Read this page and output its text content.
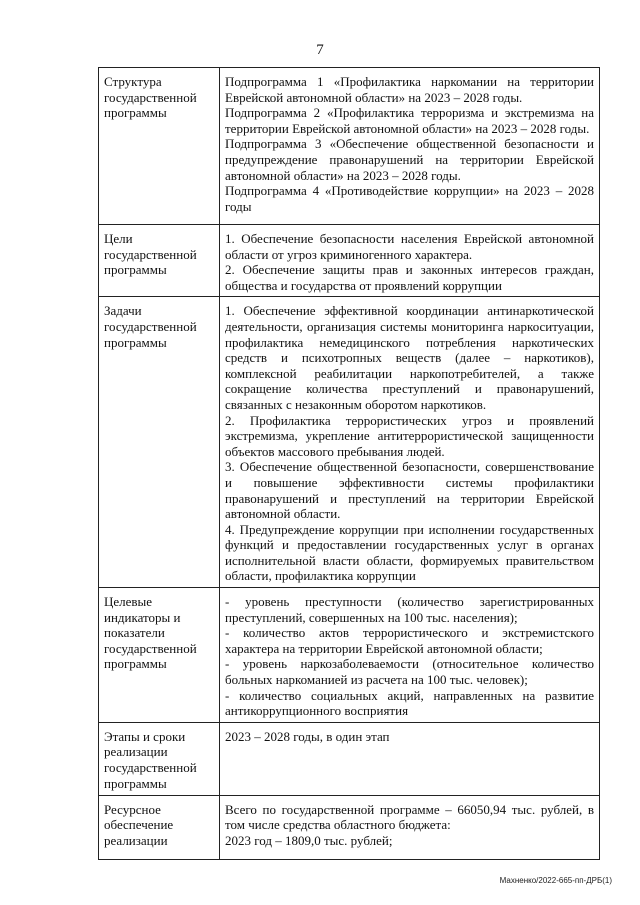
7
Структура государственной программы	Подпрограмма 1 «Профилактика наркомании на территории Еврейской автономной области» на 2023 – 2028 годы.

Подпрограмма 2 «Профилактика терроризма и экстремизма на территории Еврейской автономной области» на 2023 – 2028 годы.

Подпрограмма 3 «Обеспечение общественной безопасности и предупреждение правонарушений на территории Еврейской автономной области» на 2023 – 2028 годы.

Подпрограмма 4 «Противодействие коррупции» на 2023 – 2028 годы

Цели государственной программы	1. Обеспечение безопасности населения Еврейской автономной области от угроз криминогенного характера.

2. Обеспечение защиты прав и законных интересов граждан, общества и государства от проявлений коррупции

Задачи государственной программы	1. Обеспечение эффективной координации антинаркотической деятельности, организация системы мониторинга наркоситуации, профилактика немедицинского потребления наркотических средств и психотропных веществ (далее – наркотиков), комплексной реабилитации наркопотребителей, а также сокращение количества преступлений и правонарушений, связанных с незаконным оборотом наркотиков.

2. Профилактика террористических угроз и проявлений экстремизма, укрепление антитеррористической защищенности объектов массового пребывания людей.

3. Обеспечение общественной безопасности, совершенствование и повышение эффективности системы профилактики правонарушений и преступлений на территории Еврейской автономной области.

4. Предупреждение коррупции при исполнении государственных функций и предоставлении государственных услуг в органах исполнительной власти области, формируемых правительством области, профилактика коррупции

Целевые индикаторы и показатели государственной программы	- уровень преступности (количество зарегистрированных преступлений, совершенных на 100 тыс. населения);

- количество актов террористического и экстремистского характера на территории Еврейской автономной области;

- уровень наркозаболеваемости (относительное количество больных наркоманией из расчета на 100 тыс. человек);

- количество социальных акций, направленных на развитие антикоррупционного восприятия

Этапы и сроки реализации государственной программы	2023 – 2028 годы, в один этап

Ресурсное обеспечение реализации	Всего по государственной программе – 66050,94 тыс. рублей, в том числе средства областного бюджета:

2023 год – 1809,0 тыс. рублей;

Махненко/2022-665-пп-ДРБ(1)
